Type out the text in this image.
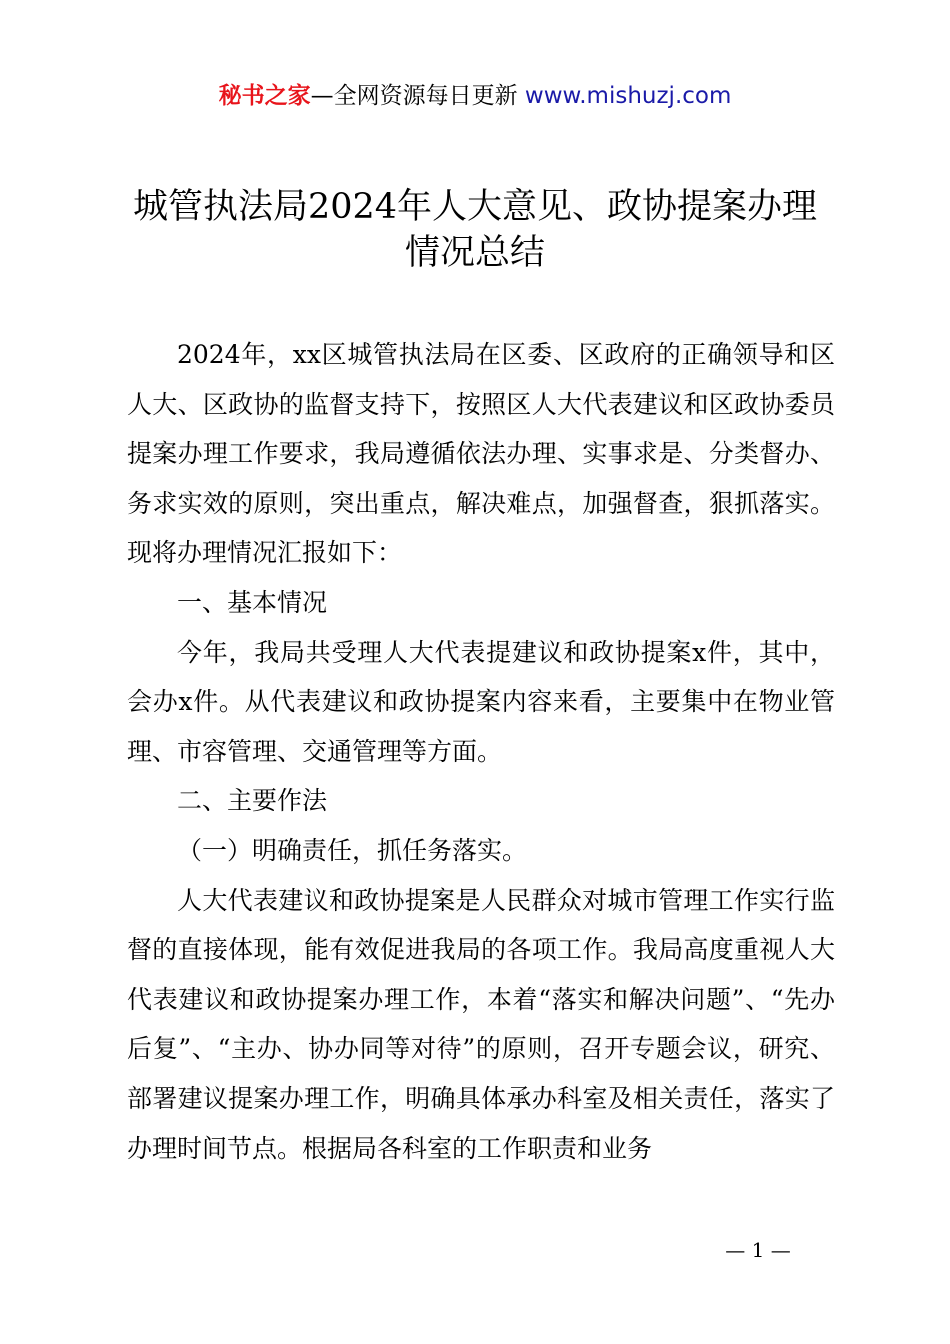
秘书之家—全网资源每日更新 www.mishuzj.com
城管执法局2024年人大意见、政协提案办理
情况总结

2024年，xx区城管执法局在区委、区政府的正确领导和区人大、区政协的监督支持下，按照区人大代表建议和区政协委员提案办理工作要求，我局遵循依法办理、实事求是、分类督办、务求实效的原则，突出重点，解决难点，加强督查，狠抓落实。现将办理情况汇报如下：

一、基本情况

今年，我局共受理人大代表提建议和政协提案x件，其中，会办x件。从代表建议和政协提案内容来看，主要集中在物业管理、市容管理、交通管理等方面。

二、主要作法

（一）明确责任，抓任务落实。

人大代表建议和政协提案是人民群众对城市管理工作实行监督的直接体现，能有效促进我局的各项工作。我局高度重视人大代表建议和政协提案办理工作，本着“落实和解决问题”、“先办后复”、“主办、协办同等对待”的原则，召开专题会议，研究、部署建议提案办理工作，明确具体承办科室及相关责任，落实了办理时间节点。根据局各科室的工作职责和业务

— 1 —
